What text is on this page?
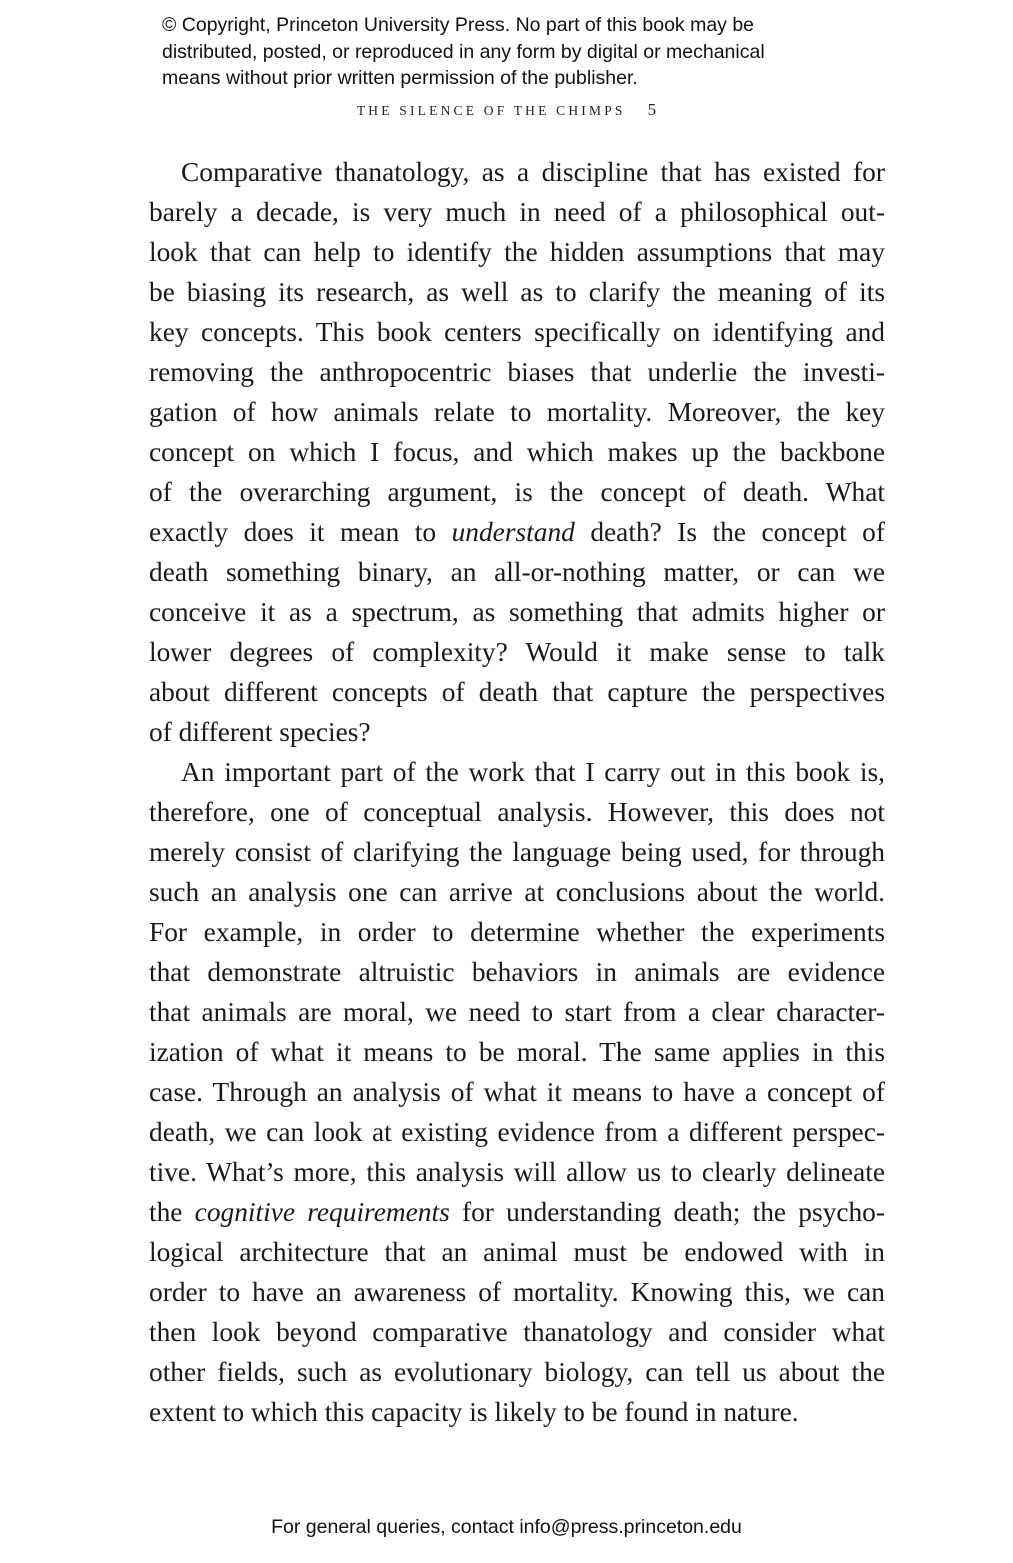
© Copyright, Princeton University Press. No part of this book may be
distributed, posted, or reproduced in any form by digital or mechanical
means without prior written permission of the publisher.
THE SILENCE OF THE CHIMPS 5
Comparative thanatology, as a discipline that has existed for
barely a decade, is very much in need of a philosophical out-
look that can help to identify the hidden assumptions that may
be biasing its research, as well as to clarify the meaning of its
key concepts. This book centers specifically on identifying and
removing the anthropocentric biases that underlie the investi-
gation of how animals relate to mortality. Moreover, the key
concept on which I focus, and which makes up the backbone
of the overarching argument, is the concept of death. What
exactly does it mean to understand death? Is the concept of
death something binary, an all-or-nothing matter, or can we
conceive it as a spectrum, as something that admits higher or
lower degrees of complexity? Would it make sense to talk
about different concepts of death that capture the perspectives
of different species?
An important part of the work that I carry out in this book is,
therefore, one of conceptual analysis. However, this does not
merely consist of clarifying the language being used, for through
such an analysis one can arrive at conclusions about the world.
For example, in order to determine whether the experiments
that demonstrate altruistic behaviors in animals are evidence
that animals are moral, we need to start from a clear character-
ization of what it means to be moral. The same applies in this
case. Through an analysis of what it means to have a concept of
death, we can look at existing evidence from a different perspec-
tive. What’s more, this analysis will allow us to clearly delineate
the cognitive requirements for understanding death; the psycho-
logical architecture that an animal must be endowed with in
order to have an awareness of mortality. Knowing this, we can
then look beyond comparative thanatology and consider what
other fields, such as evolutionary biology, can tell us about the
extent to which this capacity is likely to be found in nature.
For general queries, contact info@press.princeton.edu
